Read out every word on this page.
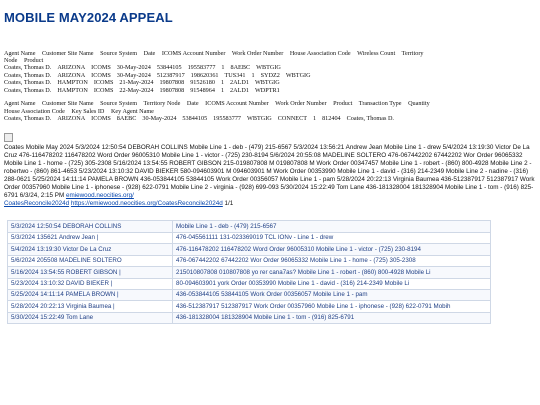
MOBILE MAY2024 APPEAL
Agent Name Customer Site Name Source System Date ICOMS Account Number Work Order Number House Association Code Wireless Count Territory
Node Product
Coates, Thomas D. ARIZONA ICOMS 30-May-2024 53844105 195583777 1 8AEBC WBTGIG
Coates, Thomas D. ARIZONA ICOMS 30-May-2024 512387917 198620361 TUS341 1 SYDZ2 WBTGIG
Coates, Thomas D. HAMPTON ICOMS 21-May-2024 19807808 91526180 1 2ALD1 WBTGIG
Coates, Thomas D. HAMPTON ICOMS 22-May-2024 19807808 91548964 1 2ALD1 WDPTR1
Agent Name Customer Site Name Source System Territory Node Date ICOMS Account Number Work Order Number Product Transaction Type Quantity
House Association Code Key Sales ID Key Agent Name
Coates, Thomas D. ARIZONA ICOMS 8AEBC 30-May-2024 53844105 195583777 WBTGIG CONNECT 1 812404 Coates, Thomas D.
Coates Mobile May 2024 5/3/2024 12:50:54 DEBORAH COLLINS Mobile Line 1 - deb - (479) 215-6567 5/3/2024 13:56:21 Andrew Jean Mobile Line 1 - drew 5/4/2024 13:19:30 Victor De La Cruz 476-116478202 116478202 Word Order 96005310 Mobile Line 1 - victor - (725) 230-8194 5/6/2024 20:55:08 MADELINE SOLTERO 476-067442202 67442202 Wor Order 96065332 Mobile Line 1 - home - (725) 305-2308 5/16/2024 13:54:55 ROBERT GIBSON 215-019807808 M 019807808 M Work Order 00347457 Mobile Line 1 - robert - (860) 800-4928 Mobile Line 2 - robertwo - (860) 861-4653 5/23/2024 13:10:32 DAVID BIEKER 580-094603901 M 094603901 M Work Order 00353990 Mobile Line 1 - david - (316) 214-2349 Mobile Line 2 - nadine - (316) 288-0621 5/25/2024 14:11:14 PAMELA BROWN 436-053844105 53844105 Work Order 00356057 Mobile Line 1 - pam 5/28/2024 20:22:13 Virginia Baumea 436-512387917 512387917 Work Order 00357960 Mobile Line 1 - iphonese - (928) 622-0791 Mobile Line 2 - virginia - (928) 699-093 5/30/2024 15:22:49 Tom Lane 436-181328004 181328904 Mobile Line 1 - tom - (916) 825-6791 6/3/24, 2:15 PM emiewood.neocities.org/
CoatesReconcile2024d https://emiewood.neocities.org/CoatesReconcile2024d 1/1
5/3/2024 12:50:54 DEBORAH COLLINS	Mobile Line 1 - deb - (479) 215-6567
5/3/2024 135621 Andrew Jean |	476-045561111 131-023369019 TCL IONv - Line 1 - drew
5/4/2024 13:19:30 Victor De La Cruz	476-116478202 116478202 Word Order 96005310 Mobile Line 1 - victor - (725) 230-8194
5/6/2024 205508 MADELINE SOLTERO	476-067442202 67442202 Wor Order 96065332 Mobile Line 1 - home - (725) 305-2308
5/16/2024 13:54:55 ROBERT GIBSON |	215010807808 010807808 yo rer cana7as? Mobile Line 1 - robert - (860) 800-4928 Mobile Li
5/23/2024 13:10:32 DAVID BIEKER |	80-094603901 york Order 00353990 Mobile Line 1 - david - (316) 214-2349 Mobile Li
5/25/2024 14:11:14 PAMELA BROWN |	436-053844105 53844105 Work Order 00356057 Mobile Line 1 - pam
5/28/2024 20:22:13 Virginia Baumea |	436-512387917 512387917 Work Order 00357960 Mobile Line 1 - iphonese - (928) 622-0791 Mobih
5/30/2024 15:22:49 Tom Lane	436-181328004 181328904 Mobile Line 1 - tom - (916) 825-6791
